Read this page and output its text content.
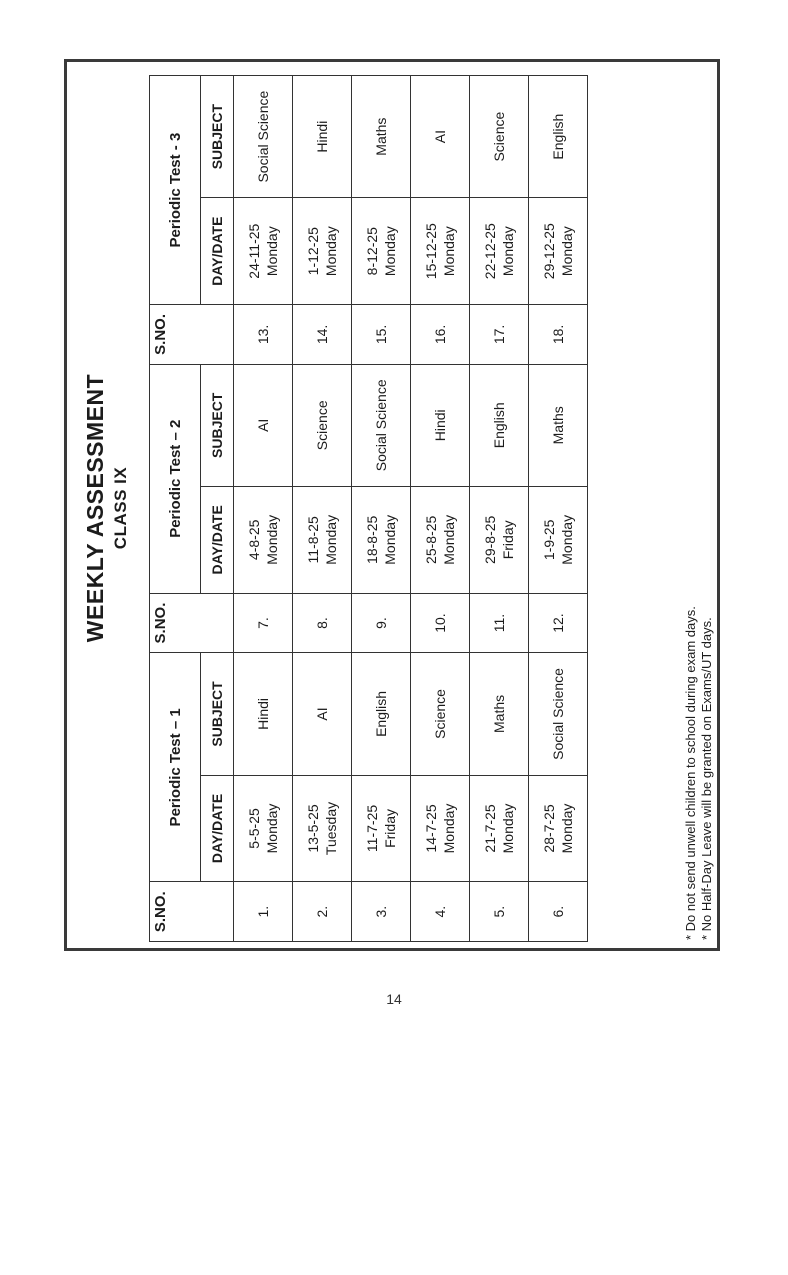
WEEKLY ASSESSMENT CLASS IX
S.NO.	Periodic Test – 1		S.NO.	Periodic Test – 2		S.NO.	Periodic Test - 3	
	DAY/DATE	SUBJECT		DAY/DATE	SUBJECT		DAY/DATE	SUBJECT
1.	5-5-25 Monday	Hindi	7.	4-8-25 Monday	AI	13.	24-11-25 Monday	Social Science
2.	13-5-25 Tuesday	AI	8.	11-8-25 Monday	Science	14.	1-12-25 Monday	Hindi
3.	11-7-25 Friday	English	9.	18-8-25 Monday	Social Science	15.	8-12-25 Monday	Maths
4.	14-7-25 Monday	Science	10.	25-8-25 Monday	Hindi	16.	15-12-25 Monday	AI
5.	21-7-25 Monday	Maths	11.	29-8-25 Friday	English	17.	22-12-25 Monday	Science
6.	28-7-25 Monday	Social Science	12.	1-9-25 Monday	Maths	18.	29-12-25 Monday	English
* Do not send unwell children to school during exam days. * No Half-Day Leave will be granted on Exams/UT days.
14
